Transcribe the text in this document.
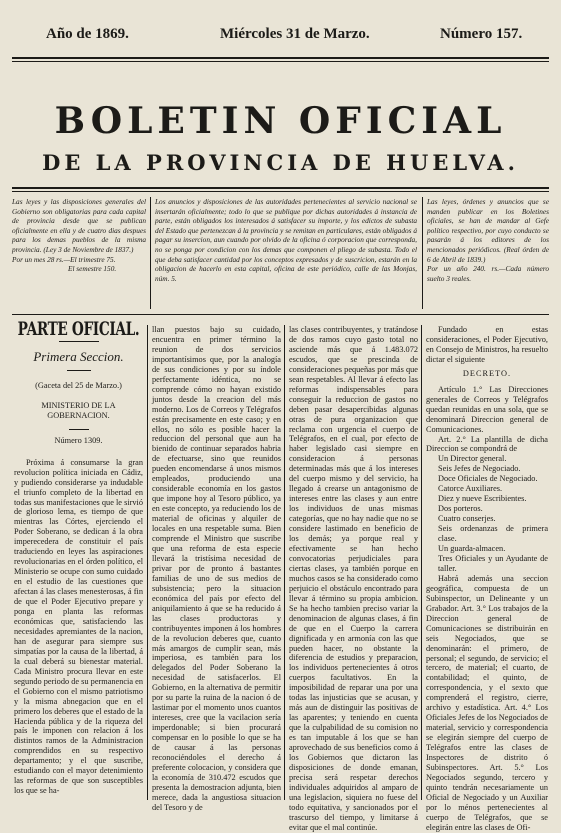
Año de 1869.	Miércoles 31 de Marzo.	Número 157.
BOLETIN OFICIAL
DE LA PROVINCIA DE HUELVA.
Las leyes y las disposiciones generales del Gobierno son obligatorias para cada capital de provincia desde que se publican oficialmente en ella y de cuatro dias despues para los demas pueblos de la misma provincia. (Ley 3 de Noviembre de 1837.)
Por un mes 28 rs.—El trimestre 75.
El semestre 150.
Los anuncios y disposiciones de las autoridades pertenecientes al servicio nacional se insertarán oficialmente; todo lo que se publique por dichas autoridades á instancia de parte, están obligados los interesados á satisfacer su importe, y los edictos de subasta del Estado que pertenezcan á la provincia y se remitan en particulares, están obligados á pagar su insercion, aun cuando por olvido de la oficina ó corporacion que corresponda, no se ponga por condicion con los demas que componen el pliego de subasta. Todo el que deba satisfacer cantidad por los conceptos expresados y de suscricion, estarán en la obligacion de hacerlo en esta capital, oficina de este periódico, calle de las Monjas, núm. 5.
Las leyes, órdenes y anuncios que se manden publicar en los Boletines oficiales, se han de mandar al Gefe político respectivo, por cuyo conducto se pasarán á los editores de los mencionados periódicos. (Real órden de 6 de Abril de 1839.)
Por un año 240. rs.—Cada número suelto 3 reales.
PARTE OFICIAL.
Primera Seccion.
(Gaceta del 25 de Marzo.)
MINISTERIO DE LA GOBERNACION.
Número 1309.

Próxima á consumarse la gran revolucion política iniciada en Cádiz, y pudiendo considerarse ya indudable el triunfo completo de la libertad en todas sus manifestaciones que le sirvió de glorioso lema, es tiempo de que mientras las Córtes, ejerciendo el Poder Soberano, se dedican á la obra imperecedera de constituir el país traduciendo en leyes las aspiraciones revolucionarias en el órden político, el Ministerio se ocupe con sumo cuidado en el estudio de las cuestiones que afectan á las clases menesterosas, á fin de que el Poder Ejecutivo prepare y ponga en planta las reformas económicas que, satisfaciendo las necesidades apremiantes de la nacion, han de asegurar para siempre sus simpatías por la causa de la libertad, á la cual deberá su bienestar material. Cada Ministro procura llevar en este segundo periodo de su permanencia en el Gobierno con el mismo patriotismo y la misma abnegacion que en el primero los deberes que el estado de la Hacienda pública y de la riqueza del país le imponen con relacion á los distintos ramos de la Administracion comprendidos en su respectivo departamento; y el que suscribe, estudiando con el mayor detenimiento las reformas de que son susceptibles los que se ha-

llan puestos bajo su cuidado, encuentra en primer término la reunion de dos servicios importantísimos que, por la analogía de sus condiciones y por su índole perfectamente idéntica, no se comprende cómo no hayan existido juntos desde la creacion del más moderno. Los de Correos y Telégrafos están precisamente en este caso; y en ellos, no sólo es posible hacer la reduccion del personal que aun ha bienido de continuar separados habria de efectuarse, sino que reunidos pueden encomendarse á unos mismos empleados, produciendo una considerable economía en los gastos que impone hoy al Tesoro público, ya en este concepto, ya reduciendo los de material de oficinas y alquiler de locales en una respetable suma. Bien comprende el Ministro que suscribe que una reforma de esta especie llevará la tristísima necesidad de privar por de pronto á bastantes familias de uno de sus medios de subsistencia; pero la situacion económica del país por efecto del aniquilamiento á que se ha reducido á las clases productoras y contribuyentes imponen á los hombres de la revolucion deberes que, cuanto más amargos de cumplir sean, más imperiosa, es también para los delegados del Poder Soberano la necesidad de satisfacerlos. El Gobierno, en la alternativa de permitir por su parte la ruina de la nacion ó de lastimar por el momento unos cuantos intereses, cree que la vacilacion sería imperdonable; si bien procurará compensar en lo posible lo que se ha de causar á las personas reconociéndoles el derecho á preferente colocacion, y considera que la economía de 310.472 escudos que presenta la demostracion adjunta, bien merece, dada la angustiosa situacion del Tesoro y de

las clases contribuyentes, y tratándose de dos ramos cuyo gasto total no asciende más que á 1.483.072 escudos, que se prescinda de consideraciones pequeñas por más que sean respetables. Al llevar á efecto las reformas indispensables para conseguir la reduccion de gastos no deben pasar desapercibidas algunas otras de pura organizacion que reclama con urgencia el cuerpo de Telégrafos, en el cual, por efecto de haber legislado casi siempre en consideracion á personas determinadas más que á los intereses del cuerpo mismo y del servicio, ha llegado á crearse un antagonismo de intereses entre las clases y aun entre los individuos de unas mismas categorías, que no hay nadie que no se considere lastimado en beneficio de los demás; ya porque real y efectivamente se han hecho convocatorias perjudiciales para ciertas clases, ya también porque en muchos casos se ha considerado como perjuicio el obstáculo encontrado para llevar á término su propia ambicion. Se ha hecho tambien preciso variar la denominacion de algunas clases, á fin de que en el Cuerpo la carrera dignificada y en armonía con las que pueden hacer, no obstante la diferencia de estudios y preparacion, los individuos pertenecientes á otros cuerpos facultativos. En la imposibilidad de reparar una por una todas las injusticias que se acusan, y más aun de distinguir las positivas de las aparentes; y teniendo en cuenta que la culpabilidad de su comision no es tan imputable á los que se han aprovechado de sus beneficios como á los Gobiernos que dictaron las disposiciones de donde emanan, precisa será respetar derechos individuales adquiridos al amparo de una legislacion, siquiera no fuese del todo equitativa, y sancionados por el trascurso del tiempo, y limitarse á evitar que el mal continúe.

Fundado en estas consideraciones, el Poder Ejecutivo, en Consejo de Ministros, ha resuelto dictar el siguiente

DECRETO.

Artículo 1.° Las Direcciones generales de Correos y Telégrafos quedan reunidas en una sola, que se denominará Direccion general de Comunicaciones.

Art. 2.° La plantilla de dicha Direccion se compondrá de

Un Director general.
Seis Jefes de Negociado.
Doce Oficiales de Negociado.
Catorce Auxiliares.
Diez y nueve Escribientes.
Dos porteros.
Cuatro conserjes.
Seis ordenanzas de primera clase.
Un guarda-almacen.
Tres Oficiales y un Ayudante de taller.

Habrá además una seccion geográfica, compuesta de un Subinspector, un Delineante y un Grabador. Art. 3.° Los trabajos de la Direccion general de Comunicaciones se distribuirán en seis Negociados, que se denominarán: el primero, de personal; el segundo, de servicio; el tercero, de material; el cuarto, de contabilidad; el quinto, de correspondencia, y el sexto que comprenderá el registro, cierre, archivo y estadística. Art. 4.° Los Oficiales Jefes de los Negociados de material, servicio y correspondencia se elegirán siempre del cuerpo de Telégrafos entre las clases de Inspectores de distrito ó Subinspectores. Art. 5.° Los Negociados segundo, tercero y quinto tendrán necesariamente un Oficial de Negociado y un Auxiliar por lo ménos pertenecientes al cuerpo de Telégrafos, que se elegirán entre las clases de Ofi-
